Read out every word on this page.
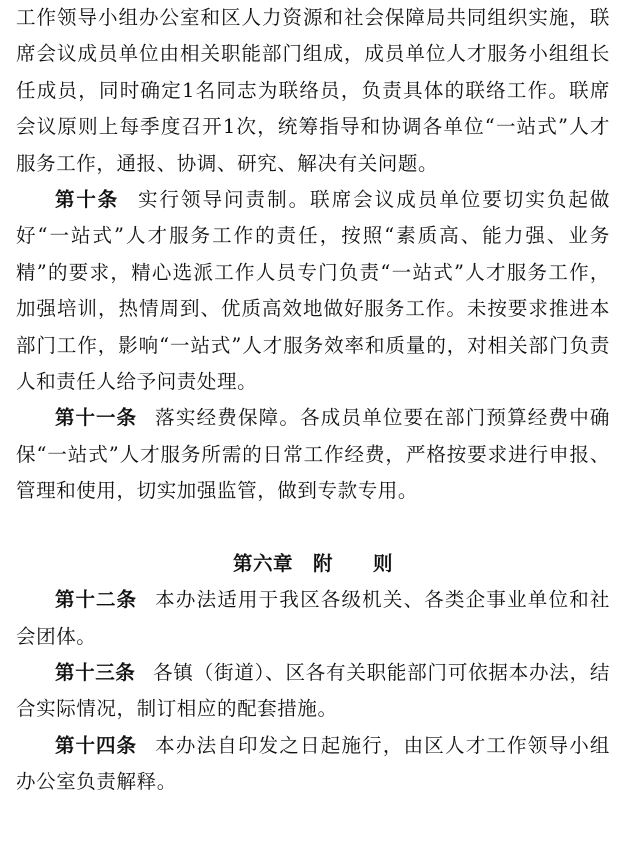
工作领导小组办公室和区人力资源和社会保障局共同组织实施，联席会议成员单位由相关职能部门组成，成员单位人才服务小组组长任成员，同时确定1名同志为联络员，负责具体的联络工作。联席会议原则上每季度召开1次，统筹指导和协调各单位“一站式”人才服务工作，通报、协调、研究、解决有关问题。

第十条 实行领导问责制。联席会议成员单位要切实负起做好“一站式”人才服务工作的责任，按照“素质高、能力强、业务精”的要求，精心选派工作人员专门负责“一站式”人才服务工作，加强培训，热情周到、优质高效地做好服务工作。未按要求推进本部门工作，影响“一站式”人才服务效率和质量的，对相关部门负责人和责任人给予问责处理。

第十一条 落实经费保障。各成员单位要在部门预算经费中确保“一站式”人才服务所需的日常工作经费，严格按要求进行申报、管理和使用，切实加强监管，做到专款专用。

第六章　附　　则

第十二条 本办法适用于我区各级机关、各类企事业单位和社会团体。

第十三条 各镇（街道）、区各有关职能部门可依据本办法，结合实际情况，制订相应的配套措施。

第十四条 本办法自印发之日起施行，由区人才工作领导小组办公室负责解释。
